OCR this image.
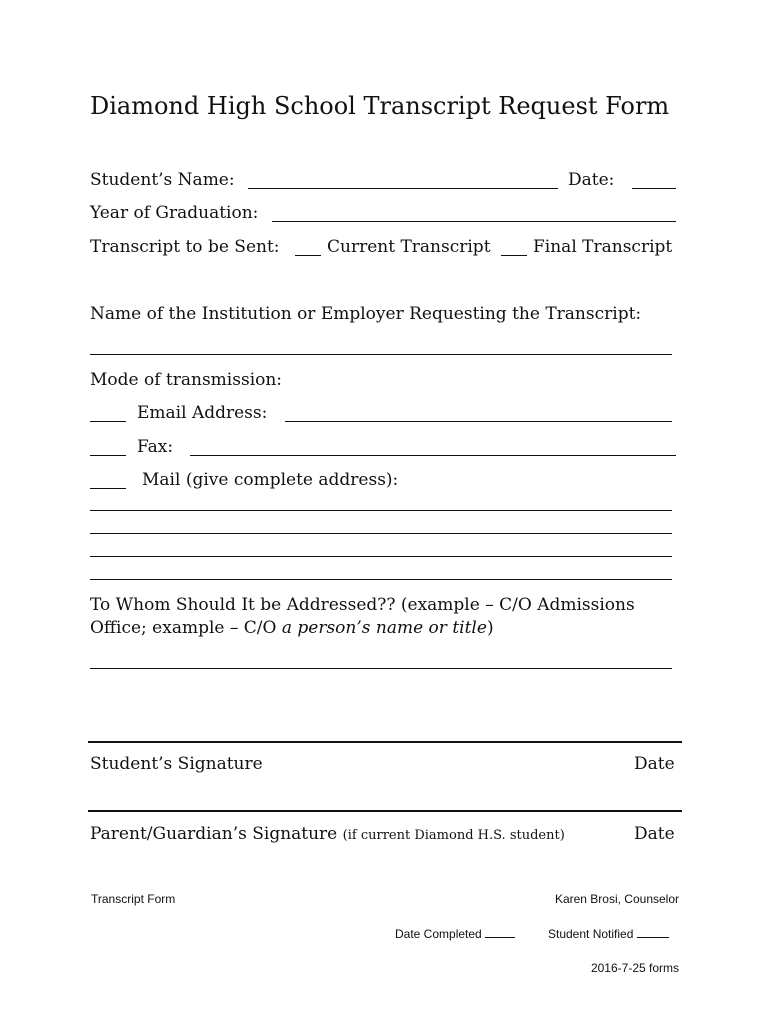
Diamond High School Transcript Request Form
Student’s Name:	Date:
Year of Graduation:
Transcript to be Sent:	Current Transcript Final Transcript
Name of the Institution or Employer Requesting the Transcript:
Mode of transmission:
Email Address:
Fax:
Mail (give complete address):
To Whom Should It be Addressed?? (example – C/O Admissions
Office; example – C/O a person’s name or title)
Student’s Signature	Date
Parent/Guardian’s Signature (if current Diamond H.S. student)	Date
Transcript Form	Karen Brosi, Counselor
Date Completed	Student Notified
2016-7-25 forms
